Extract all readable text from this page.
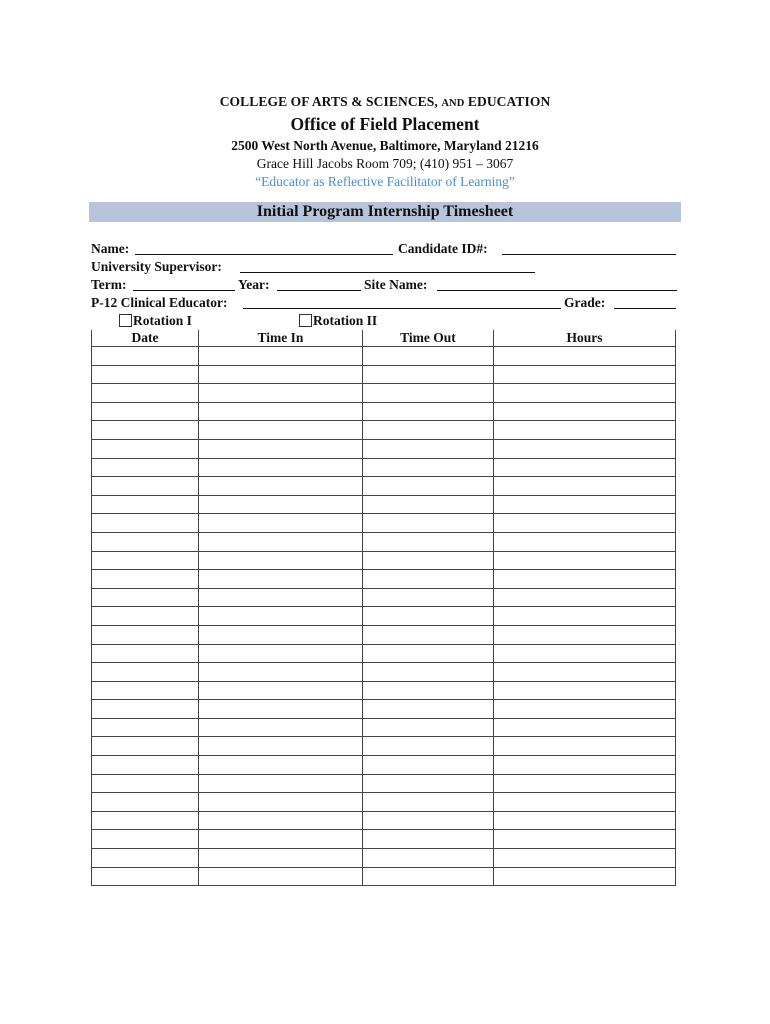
COLLEGE OF ARTS & SCIENCES, AND EDUCATION
Office of Field Placement
2500 West North Avenue, Baltimore, Maryland 21216
Grace Hill Jacobs Room 709; (410) 951 – 3067
“Educator as Reflective Facilitator of Learning”
Initial Program Internship Timesheet
Name:	Candidate ID#:
University Supervisor:
Term:	Year:	Site Name:
P-12 Clinical Educator:	Grade:
Rotation I	Rotation II
Date	Time In	Time Out	Hours
